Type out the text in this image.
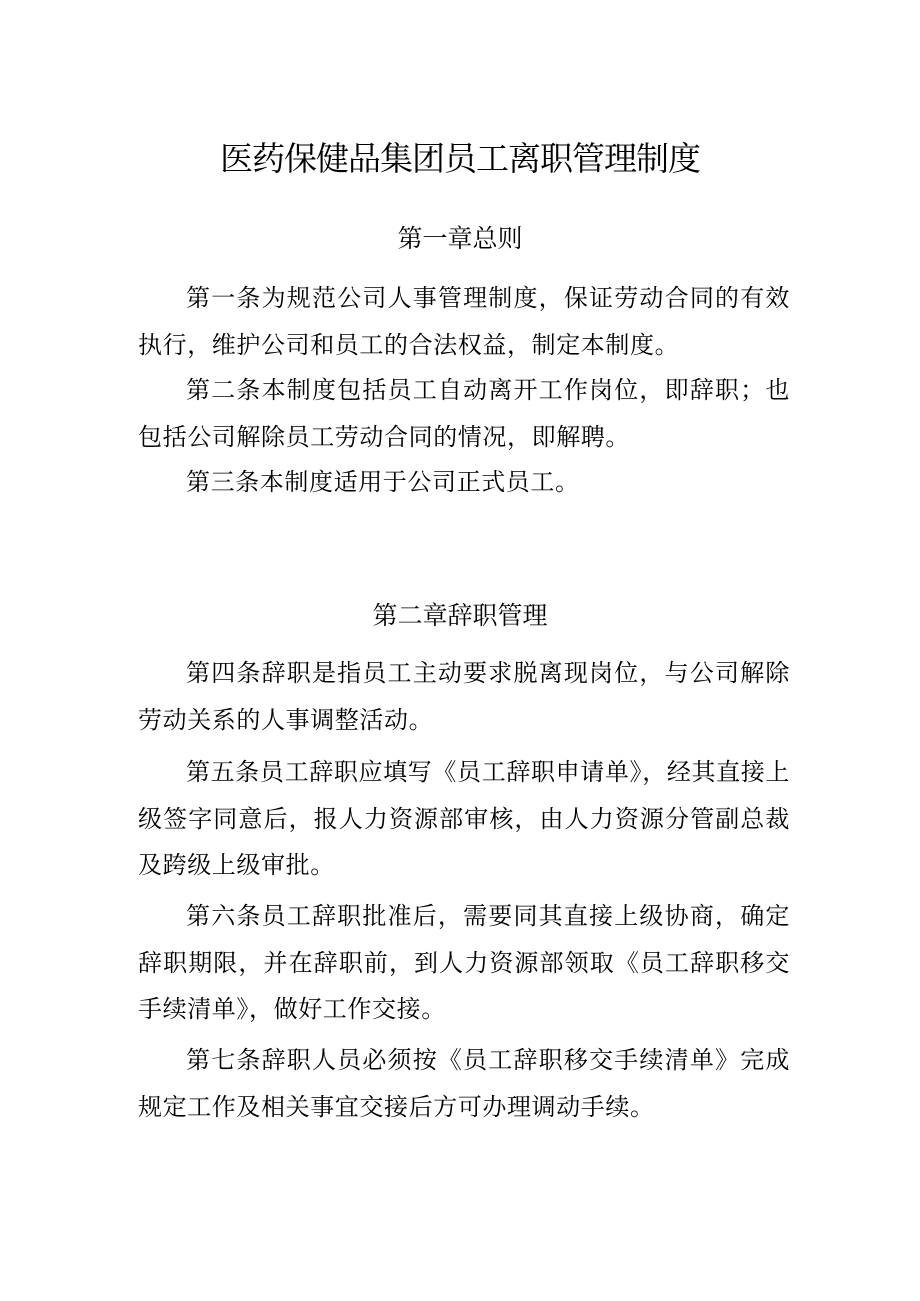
医药保健品集团员工离职管理制度
第一章总则

第一条为规范公司人事管理制度，保证劳动合同的有效执行，维护公司和员工的合法权益，制定本制度。

第二条本制度包括员工自动离开工作岗位，即辞职；也包括公司解除员工劳动合同的情况，即解聘。

第三条本制度适用于公司正式员工。

第二章辞职管理

第四条辞职是指员工主动要求脱离现岗位，与公司解除劳动关系的人事调整活动。

第五条员工辞职应填写《员工辞职申请单》，经其直接上级签字同意后，报人力资源部审核，由人力资源分管副总裁及跨级上级审批。

第六条员工辞职批准后，需要同其直接上级协商，确定辞职期限，并在辞职前，到人力资源部领取《员工辞职移交手续清单》，做好工作交接。

第七条辞职人员必须按《员工辞职移交手续清单》完成规定工作及相关事宜交接后方可办理调动手续。
